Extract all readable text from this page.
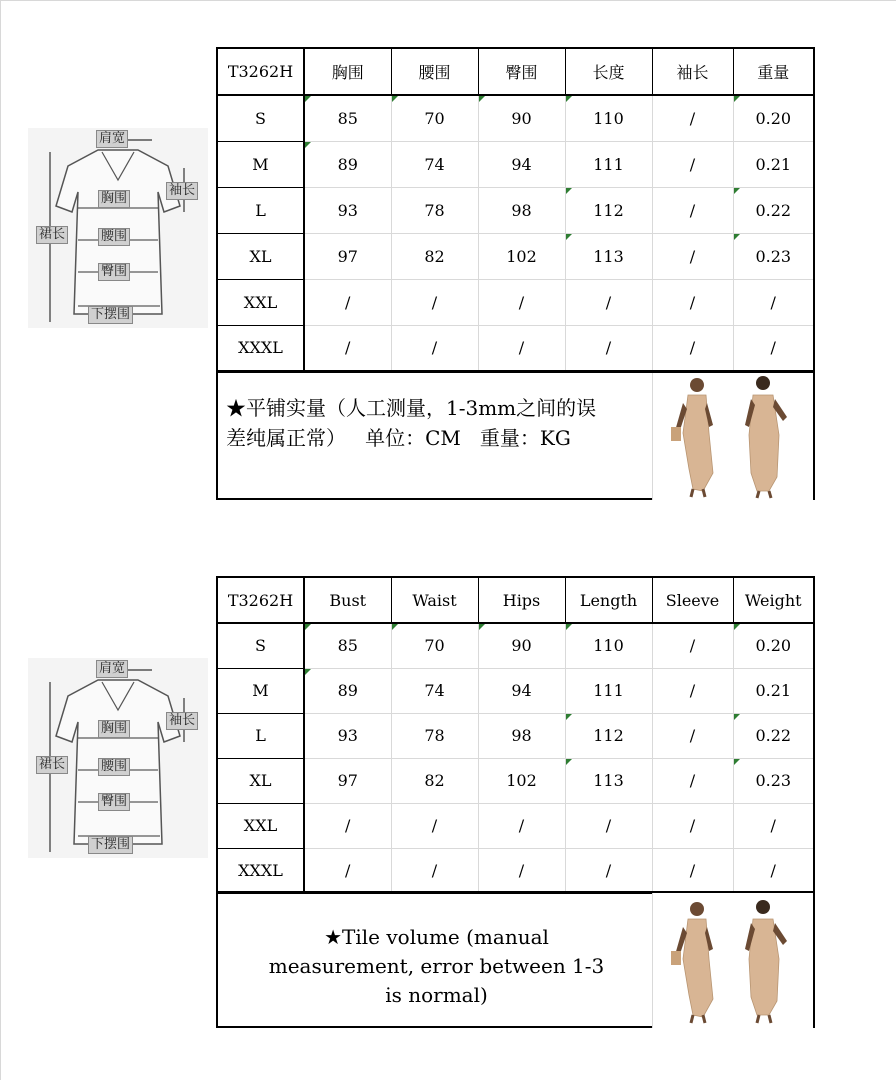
肩宽
胸围
袖长
裙长	腰围
臀围
下摆围
T3262H	胸围	腰围	臀围	长度	袖长	重量
S	85	70	90	110	/	0.20
M	89	74	94	111	/	0.21
L	93	78	98	112	/	0.22
XL	97	82	102	113	/	0.23
XXL	/	/	/	/	/	/
XXXL	/	/	/	/	/	/
★平铺实量（人工测量，1-3mm之间的误
差纯属正常）   单位：CM   重量：KG
肩宽
胸围
袖长
裙长	腰围
臀围
下摆围
T3262H	Bust	Waist	Hips	Length	Sleeve	Weight
S	85	70	90	110	/	0.20
M	89	74	94	111	/	0.21
L	93	78	98	112	/	0.22
XL	97	82	102	113	/	0.23
XXL	/	/	/	/	/	/
XXXL	/	/	/	/	/	/
★Tile volume (manual
measurement, error between 1-3
is normal)
